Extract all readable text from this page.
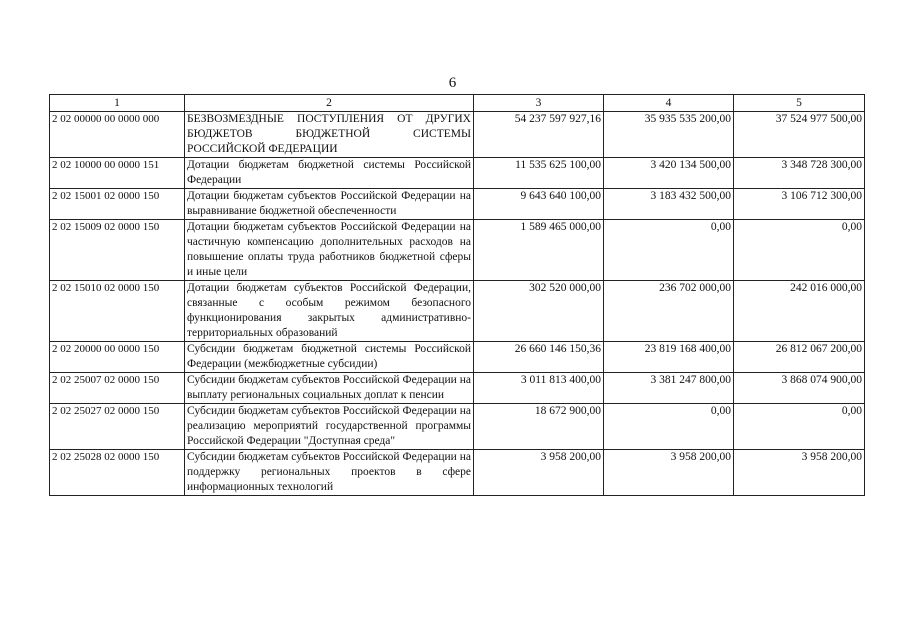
6
1	2	3	4	5
2 02 00000 00 0000 000	БЕЗВОЗМЕЗДНЫЕ ПОСТУПЛЕНИЯ ОТ ДРУГИХ БЮДЖЕТОВ БЮДЖЕТНОЙ СИСТЕМЫ РОССИЙСКОЙ ФЕДЕРАЦИИ	54 237 597 927,16	35 935 535 200,00	37 524 977 500,00
2 02 10000 00 0000 151	Дотации бюджетам бюджетной системы Российской Федерации	11 535 625 100,00	3 420 134 500,00	3 348 728 300,00
2 02 15001 02 0000 150	Дотации бюджетам субъектов Российской Федерации на выравнивание бюджетной обеспеченности	9 643 640 100,00	3 183 432 500,00	3 106 712 300,00
2 02 15009 02 0000 150	Дотации бюджетам субъектов Российской Федерации на частичную компенсацию дополнительных расходов на повышение оплаты труда работников бюджетной сферы и иные цели	1 589 465 000,00	0,00	0,00
2 02 15010 02 0000 150	Дотации бюджетам субъектов Российской Федерации, связанные с особым режимом безопасного функционирования закрытых административно-территориальных образований	302 520 000,00	236 702 000,00	242 016 000,00
2 02 20000 00 0000 150	Субсидии бюджетам бюджетной системы Российской Федерации (межбюджетные субсидии)	26 660 146 150,36	23 819 168 400,00	26 812 067 200,00
2 02 25007 02 0000 150	Субсидии бюджетам субъектов Российской Федерации на выплату региональных социальных доплат к пенсии	3 011 813 400,00	3 381 247 800,00	3 868 074 900,00
2 02 25027 02 0000 150	Субсидии бюджетам субъектов Российской Федерации на реализацию мероприятий государственной программы Российской Федерации "Доступная среда"	18 672 900,00	0,00	0,00
2 02 25028 02 0000 150	Субсидии бюджетам субъектов Российской Федерации на поддержку региональных проектов в сфере информационных технологий	3 958 200,00	3 958 200,00	3 958 200,00
